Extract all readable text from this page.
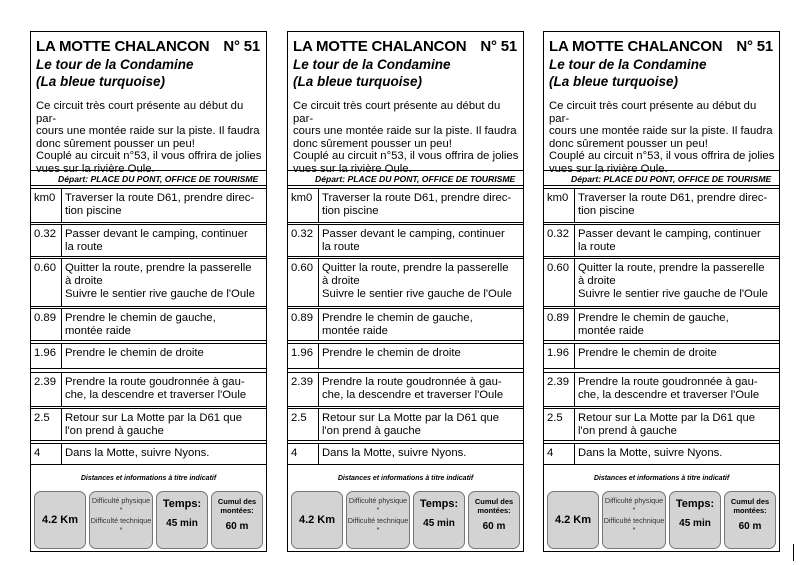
LA MOTTE CHALANCON N° 51
Le tour de la Condamine
(La bleue turquoise)

Ce circuit très court présente au début du par-

cours une montée raide sur la piste. Il faudra

donc sûrement pousser un peu!

Couplé au circuit n°53, il vous offrira de jolies

vues sur la rivière Oule.

Départ: PLACE DU PONT, OFFICE DE TOURISME
km0 Traverser la route D61, prendre direc-
tion piscine
0.32 Passer devant le camping, continuer
la route
0.60 Quitter la route, prendre la passerelle
à droite
Suivre le sentier rive gauche de l'Oule
0.89 Prendre le chemin de gauche,
montée raide
1.96 Prendre le chemin de droite
2.39 Prendre la route goudronnée à gau-
che, la descendre et traverser l'Oule
2.5	Retour sur La Motte par la D61 que
l'on prend à gauche
4	Dans la Motte, suivre Nyons.
Distances et informations à titre indicatif
4.2 Km
Difficulté physique
*
Difficulté technique
*
Temps:
45 min
Cumul des
montées:
60 m
LA MOTTE CHALANCON N° 51
Le tour de la Condamine
(La bleue turquoise)

Ce circuit très court présente au début du par-

cours une montée raide sur la piste. Il faudra

donc sûrement pousser un peu!

Couplé au circuit n°53, il vous offrira de jolies

vues sur la rivière Oule.

Départ: PLACE DU PONT, OFFICE DE TOURISME
km0 Traverser la route D61, prendre direc-
tion piscine
0.32 Passer devant le camping, continuer
la route
0.60 Quitter la route, prendre la passerelle
à droite
Suivre le sentier rive gauche de l'Oule
0.89 Prendre le chemin de gauche,
montée raide
1.96 Prendre le chemin de droite
2.39 Prendre la route goudronnée à gau-
che, la descendre et traverser l'Oule
2.5	Retour sur La Motte par la D61 que
l'on prend à gauche
4	Dans la Motte, suivre Nyons.
Distances et informations à titre indicatif
4.2 Km
Difficulté physique
*
Difficulté technique
*
Temps:
45 min
Cumul des
montées:
60 m
LA MOTTE CHALANCON N° 51
Le tour de la Condamine
(La bleue turquoise)

Ce circuit très court présente au début du par-

cours une montée raide sur la piste. Il faudra

donc sûrement pousser un peu!

Couplé au circuit n°53, il vous offrira de jolies

vues sur la rivière Oule.

Départ: PLACE DU PONT, OFFICE DE TOURISME
km0 Traverser la route D61, prendre direc-
tion piscine
0.32 Passer devant le camping, continuer
la route
0.60 Quitter la route, prendre la passerelle
à droite
Suivre le sentier rive gauche de l'Oule
0.89 Prendre le chemin de gauche,
montée raide
1.96 Prendre le chemin de droite
2.39 Prendre la route goudronnée à gau-
che, la descendre et traverser l'Oule
2.5	Retour sur La Motte par la D61 que
l'on prend à gauche
4	Dans la Motte, suivre Nyons.
Distances et informations à titre indicatif
4.2 Km
Difficulté physique
*
Difficulté technique
*
Temps:
45 min
Cumul des
montées:
60 m
